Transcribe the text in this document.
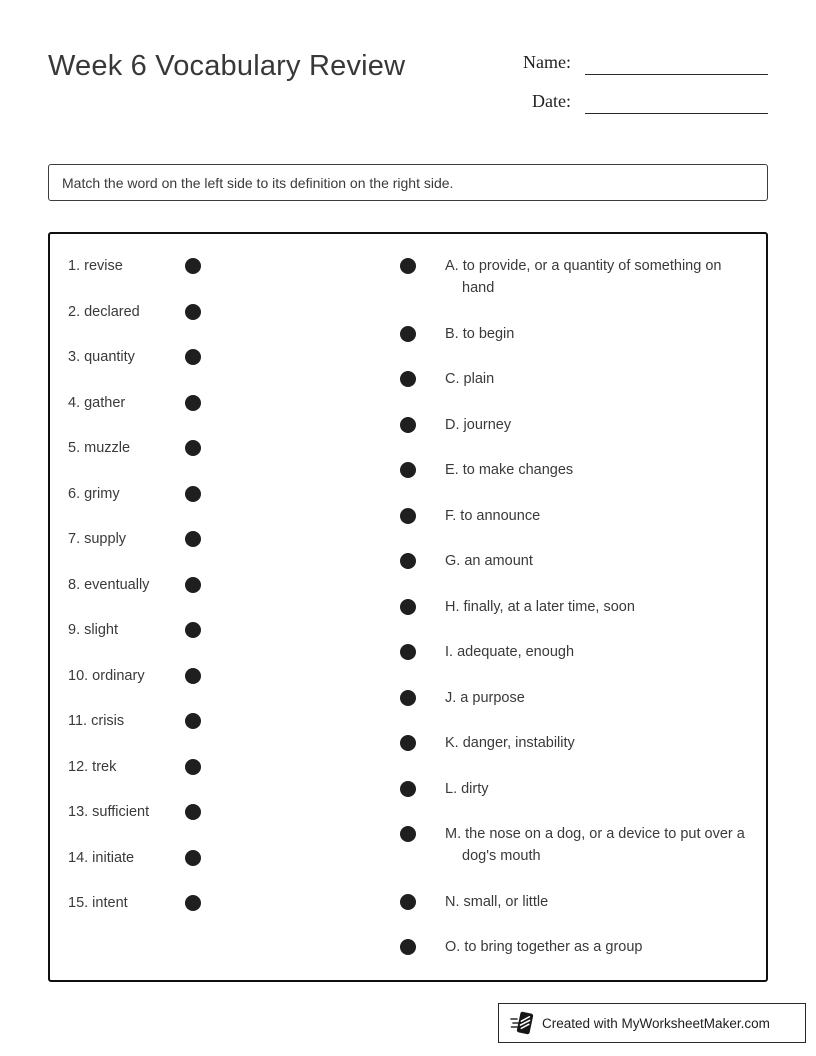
Week 6 Vocabulary Review	Name:
Date:
Match the word on the left side to its definition on the right side.
1. revise
2. declared
3. quantity
4. gather
5. muzzle
6. grimy
7. supply
8. eventually
9. slight
10. ordinary
11. crisis
12. trek
13. sufficient
14. initiate
15. intent
A. to provide, or a quantity of something on hand
B. to begin
C. plain
D. journey
E. to make changes
F. to announce
G. an amount
H. finally, at a later time, soon
I. adequate, enough
J. a purpose
K. danger, instability
L. dirty
M. the nose on a dog, or a device to put over a dog's mouth
N. small, or little
O. to bring together as a group
Created with MyWorksheetMaker.com
